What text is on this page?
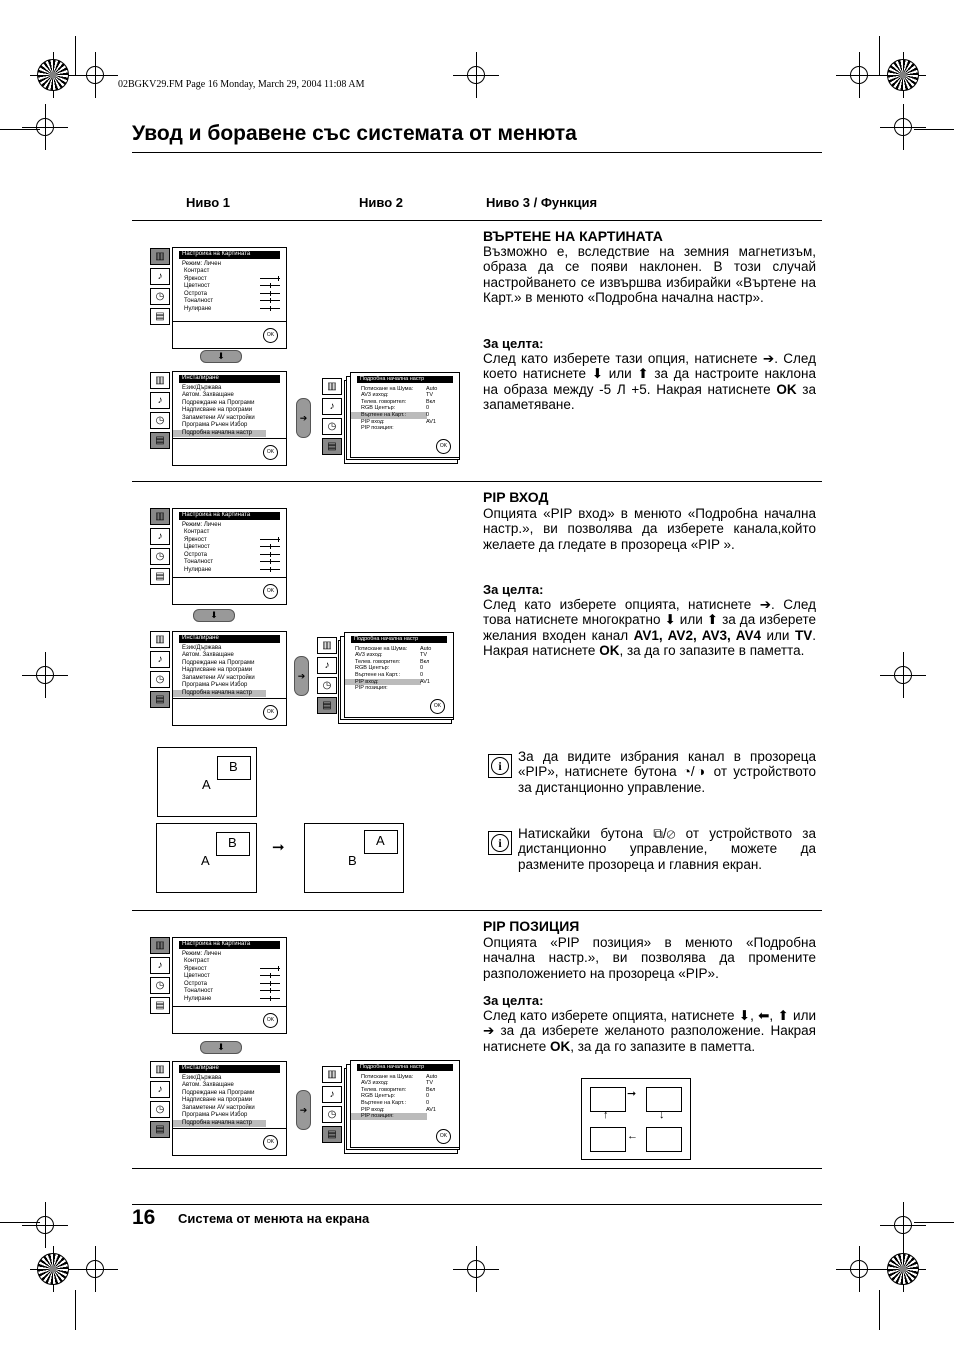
02BGKV29.FM Page 16 Monday, March 29, 2004 11:08 AM
Увод и боравене със системата от менюта
Ниво 1	Ниво 2	Ниво 3 / Функция
▥
♪
◷
▤
Настройка на Картината
Режим: Личен
Контраст
Яркност
Цветност
Острота
Тоналност
Нулиране
OK
⬇
▥
♪
◷
▤
Инсталиране
Език/Държава
Автом. Захващане
Подреждане на Програми
Надписване на програми
Запаметени AV настройки
Програма Ръчен Избор
Подробна начална настр
OK
➔
▥
♪
◷
▤
Подробна начална настр
Потискане на Шума: Auto
AV3 изход:	TV
Телев. говорител:	Вкл
RGB Център:	0
Въртене на Карт.:	0
PIP вход:	AV1
PIP позиция:
OK
ВЪРТЕНЕ НА КАРТИНАТА
Възможно е, вследствие на земния магнетизъм, образа да се появи наклонен. В този случай настройването се извършва избирайки «Въртене на Карт.» в менюто «Подробна начална настр».
За целта:
След като изберете тази опция, натиснете ➔. След което натиснете ⬇ или ⬆ за да настроите наклона на образа между -5 Л +5. Накрая натиснете OK за запаметяване.
▥
♪
◷
▤
Настройка на Картината
Режим: Личен
Контраст
Яркност
Цветност
Острота
Тоналност
Нулиране
OK
⬇
▥
♪
◷
▤
Инсталиране
Език/Държава
Автом. Захващане
Подреждане на Програми
Надписване на програми
Запаметени AV настройки
Програма Ръчен Избор
Подробна начална настр
OK
➔
▥
♪
◷
▤
Подробна начална настр
Потискане на Шума: Auto
AV3 изход:	TV
Телев. говорител:	Вкл
RGB Център:	0
Въртене на Карт.:	0
PIP вход:	AV1
PIP позиция:
OK
B
A
B
A
➞	A
B
PIP ВХОД
Опцията «PIP вход» в менюто «Подробна начална настр.», ви позволява да изберете канала,който желаете да гледате в прозореца «PIP ».
За целта:
След като изберете опцията, натиснете ➔. След това натиснете многократно ⬇ или ⬆ за да изберете желания входен канал AV1, AV2, AV3, AV4 или TV. Накрая натиснете OK, за да го запазите в паметта.
i
За да видите избрания канал в прозореца «PIP», натиснете бутона ◔/◑ от устройството за дистанционно управление.
i
Натискайки бутона ⧉/⊘ от устройството за дистанционно управление, можете да размените прозореца и главния екран.
▥
♪
◷
▤
Настройка на Картината
Режим: Личен
Контраст
Яркност
Цветност
Острота
Тоналност
Нулиране
OK
⬇
▥
♪
◷
▤
Инсталиране
Език/Държава
Автом. Захващане
Подреждане на Програми
Надписване на програми
Запаметени AV настройки
Програма Ръчен Избор
Подробна начална настр
OK
➔
▥
♪
◷
▤
Подробна начална настр
Потискане на Шума: Auto
AV3 изход:	TV
Телев. говорител:	Вкл
RGB Център:	0
Въртене на Карт.:	0
PIP вход:	AV1
PIP позиция:
OK
PIP ПОЗИЦИЯ
Опцията «PIP позиция» в менюто «Подробна начална настр.», ви позволява да промените разположението на прозореца «PIP».
За целта:
След като изберете опцията, натиснете ⬇, ⬅, ⬆ или ➔ за да изберете желаното разположение. Накрая натиснете OK, за да го запазите в паметта.
➞
↓
←
↑
16 Система от менюта на екрана
